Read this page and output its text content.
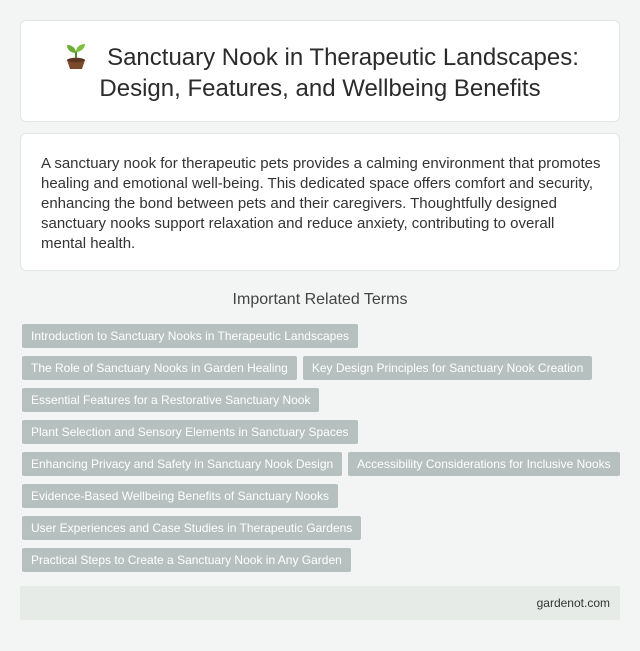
Sanctuary Nook in Therapeutic Landscapes:
Design, Features, and Wellbeing Benefits

A sanctuary nook for therapeutic pets provides a calming environment that promotes healing and emotional well-being. This dedicated space offers comfort and security, enhancing the bond between pets and their caregivers. Thoughtfully designed sanctuary nooks support relaxation and reduce anxiety, contributing to overall mental health.

Important Related Terms
Introduction to Sanctuary Nooks in Therapeutic Landscapes
The Role of Sanctuary Nooks in Garden Healing	Key Design Principles for Sanctuary Nook Creation
Essential Features for a Restorative Sanctuary Nook
Plant Selection and Sensory Elements in Sanctuary Spaces
Enhancing Privacy and Safety in Sanctuary Nook Design	Accessibility Considerations for Inclusive Nooks
Evidence-Based Wellbeing Benefits of Sanctuary Nooks
User Experiences and Case Studies in Therapeutic Gardens
Practical Steps to Create a Sanctuary Nook in Any Garden
gardenot.com
